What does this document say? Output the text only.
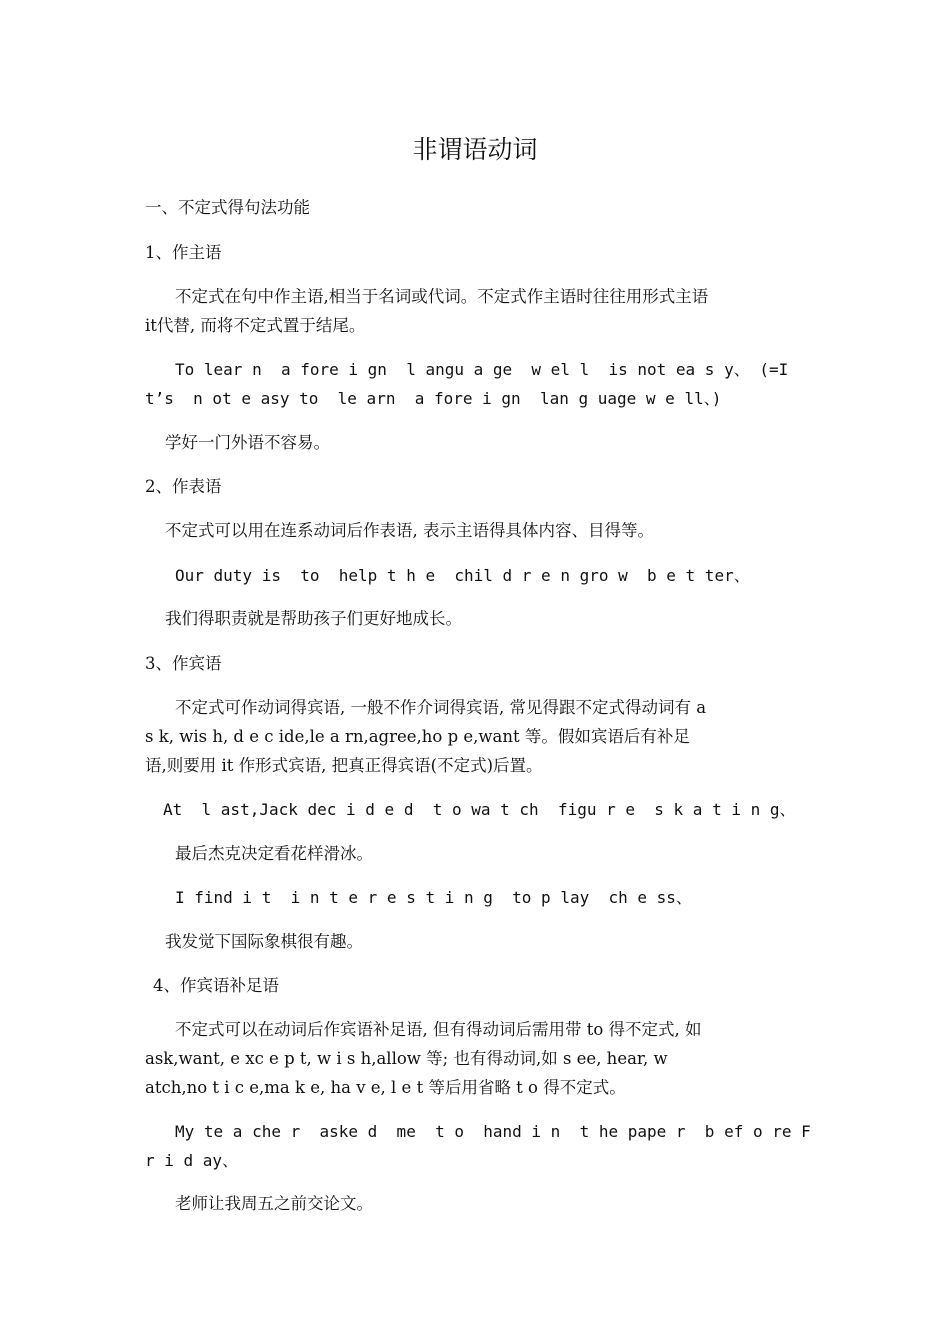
非谓语动词
一、不定式得句法功能
1、作主语
不定式在句中作主语,相当于名词或代词。不定式作主语时往往用形式主语
it代替, 而将不定式置于结尾。
To lear n  a fore i gn  l angu a ge  w el l  is not ea s y、 (=I
t’s  n ot e asy to  le arn  a fore i gn  lan g uage w e ll、)
学好一门外语不容易。
2、作表语
不定式可以用在连系动词后作表语, 表示主语得具体内容、目得等。
Our duty is  to  help t h e  chil d r e n gro w  b e t ter、
我们得职责就是帮助孩子们更好地成长。
3、作宾语
不定式可作动词得宾语, 一般不作介词得宾语, 常见得跟不定式得动词有 a
s k, wis h, d e c ide,le a rn,agree,ho p e,want 等。假如宾语后有补足
语,则要用 it 作形式宾语, 把真正得宾语(不定式)后置。
At  l ast,Jack dec i d e d  t o wa t ch  figu r e  s k a t i n g、
最后杰克决定看花样滑冰。
I find i t  i n t e r e s t i n g  to p lay  ch e ss、
我发觉下国际象棋很有趣。
4、作宾语补足语
不定式可以在动词后作宾语补足语, 但有得动词后需用带 to 得不定式, 如
ask,want, e xc e p t, w i s h,allow 等; 也有得动词,如 s ee, hear, w
atch,no t i c e,ma k e, ha v e, l e t 等后用省略 t o 得不定式。
My te a che r  aske d  me  t o  hand i n  t he pape r  b ef o re F
r i d ay、
老师让我周五之前交论文。
